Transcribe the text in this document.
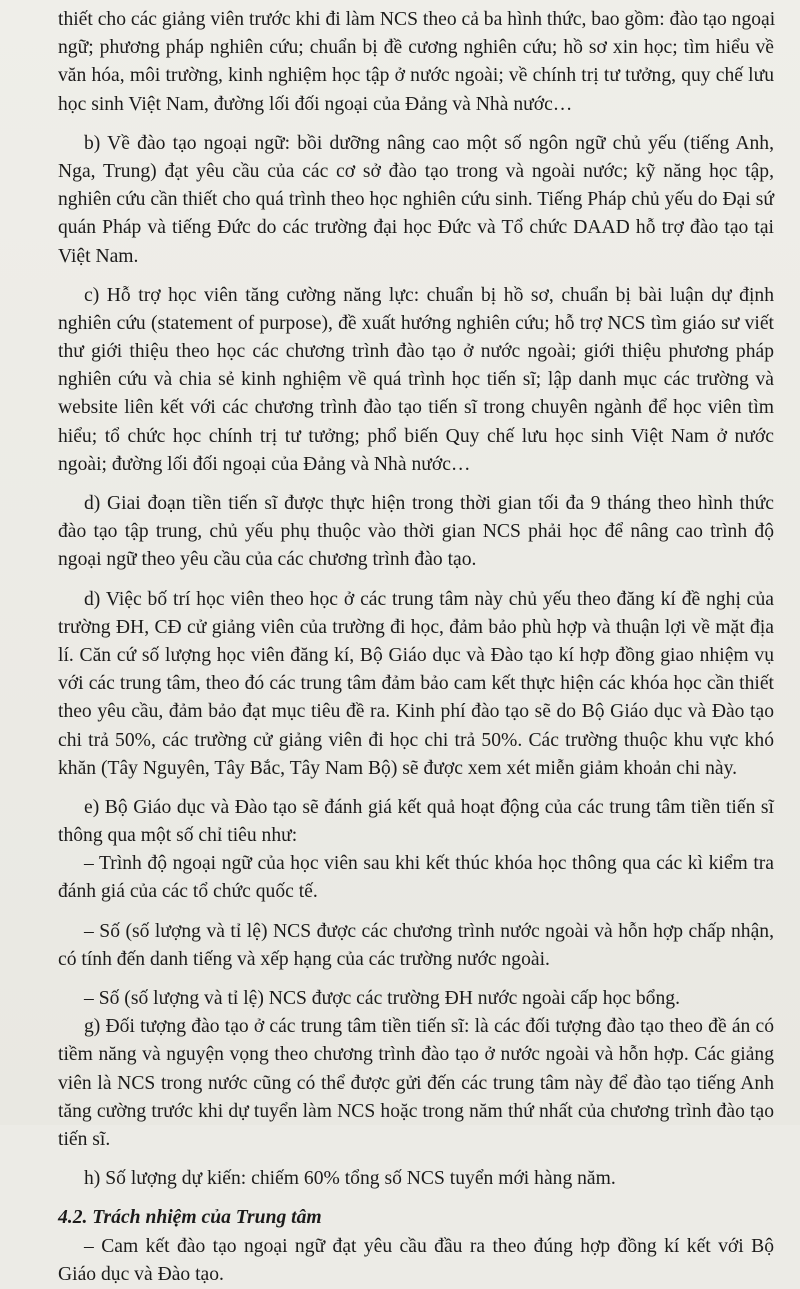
thiết cho các giảng viên trước khi đi làm NCS theo cả ba hình thức, bao gồm: đào tạo ngoại
ngữ; phương pháp nghiên cứu; chuẩn bị đề cương nghiên cứu; hồ sơ xin học; tìm hiểu về
văn hóa, môi trường, kinh nghiệm học tập ở nước ngoài; về chính trị tư tưởng, quy chế lưu
học sinh Việt Nam, đường lối đối ngoại của Đảng và Nhà nước…
b) Về đào tạo ngoại ngữ: bồi dưỡng nâng cao một số ngôn ngữ chủ yếu (tiếng Anh,
Nga, Trung) đạt yêu cầu của các cơ sở đào tạo trong và ngoài nước; kỹ năng học tập,
nghiên cứu cần thiết cho quá trình theo học nghiên cứu sinh. Tiếng Pháp chủ yếu do Đại sứ
quán Pháp và tiếng Đức do các trường đại học Đức và Tổ chức DAAD hỗ trợ đào tạo tại
Việt Nam.
c) Hỗ trợ học viên tăng cường năng lực: chuẩn bị hồ sơ, chuẩn bị bài luận dự định
nghiên cứu (statement of purpose), đề xuất hướng nghiên cứu; hỗ trợ NCS tìm giáo sư viết
thư giới thiệu theo học các chương trình đào tạo ở nước ngoài; giới thiệu phương pháp
nghiên cứu và chia sẻ kinh nghiệm về quá trình học tiến sĩ; lập danh mục các trường và
website liên kết với các chương trình đào tạo tiến sĩ trong chuyên ngành để học viên tìm
hiểu; tổ chức học chính trị tư tưởng; phổ biến Quy chế lưu học sinh Việt Nam ở nước
ngoài; đường lối đối ngoại của Đảng và Nhà nước…
d) Giai đoạn tiền tiến sĩ được thực hiện trong thời gian tối đa 9 tháng theo hình thức
đào tạo tập trung, chủ yếu phụ thuộc vào thời gian NCS phải học để nâng cao trình độ
ngoại ngữ theo yêu cầu của các chương trình đào tạo.
d) Việc bố trí học viên theo học ở các trung tâm này chủ yếu theo đăng kí đề nghị của
trường ĐH, CĐ cử giảng viên của trường đi học, đảm bảo phù hợp và thuận lợi về mặt địa
lí. Căn cứ số lượng học viên đăng kí, Bộ Giáo dục và Đào tạo kí hợp đồng giao nhiệm vụ
với các trung tâm, theo đó các trung tâm đảm bảo cam kết thực hiện các khóa học cần thiết
theo yêu cầu, đảm bảo đạt mục tiêu đề ra. Kinh phí đào tạo sẽ do Bộ Giáo dục và Đào tạo
chi trả 50%, các trường cử giảng viên đi học chi trả 50%. Các trường thuộc khu vực khó
khăn (Tây Nguyên, Tây Bắc, Tây Nam Bộ) sẽ được xem xét miễn giảm khoản chi này.
e) Bộ Giáo dục và Đào tạo sẽ đánh giá kết quả hoạt động của các trung tâm tiền tiến sĩ
thông qua một số chỉ tiêu như:
– Trình độ ngoại ngữ của học viên sau khi kết thúc khóa học thông qua các kì kiểm tra
đánh giá của các tổ chức quốc tế.
– Số (số lượng và tỉ lệ) NCS được các chương trình nước ngoài và hỗn hợp chấp nhận,
có tính đến danh tiếng và xếp hạng của các trường nước ngoài.
– Số (số lượng và tỉ lệ) NCS được các trường ĐH nước ngoài cấp học bổng.
g) Đối tượng đào tạo ở các trung tâm tiền tiến sĩ: là các đối tượng đào tạo theo đề án có
tiềm năng và nguyện vọng theo chương trình đào tạo ở nước ngoài và hỗn hợp. Các giảng
viên là NCS trong nước cũng có thể được gửi đến các trung tâm này để đào tạo tiếng Anh
tăng cường trước khi dự tuyển làm NCS hoặc trong năm thứ nhất của chương trình đào tạo
tiến sĩ.
h) Số lượng dự kiến: chiếm 60% tổng số NCS tuyển mới hàng năm.
4.2. Trách nhiệm của Trung tâm
– Cam kết đào tạo ngoại ngữ đạt yêu cầu đầu ra theo đúng hợp đồng kí kết với Bộ
Giáo dục và Đào tạo.
